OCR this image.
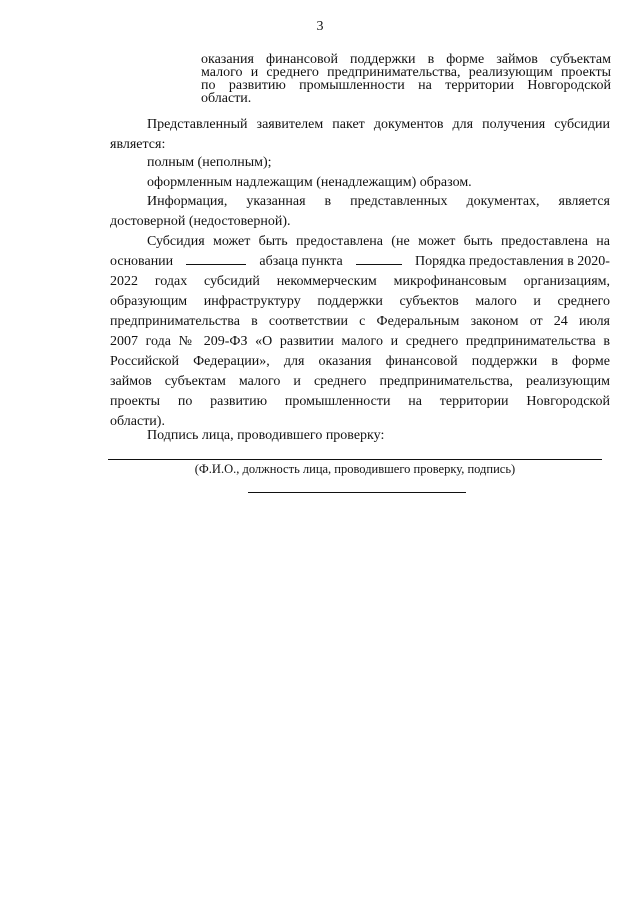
3
оказания финансовой поддержки в форме займов субъектам
малого и среднего предпринимательства, реализующим проекты
по развитию промышленности на территории Новгородской
области.
Представленный заявителем пакет документов для получения субсидии
является:
полным (неполным);
оформленным надлежащим (ненадлежащим) образом.
Информация, указанная в представленных документах, является
достоверной (недостоверной).
Субсидия может быть предоставлена (не может быть предоставлена на
основании	абзаца пункта	Порядка предоставления в 2020-
2022 годах субсидий некоммерческим микрофинансовым организациям,
образующим инфраструктуру поддержки субъектов малого и среднего
предпринимательства в соответствии с Федеральным законом от 24 июля
2007 года № 209-ФЗ «О развитии малого и среднего предпринимательства в
Российской Федерации», для оказания финансовой поддержки в форме
займов субъектам малого и среднего предпринимательства, реализующим
проекты по развитию промышленности на территории Новгородской
области).
Подпись лица, проводившего проверку:
(Ф.И.О., должность лица, проводившего проверку, подпись)
